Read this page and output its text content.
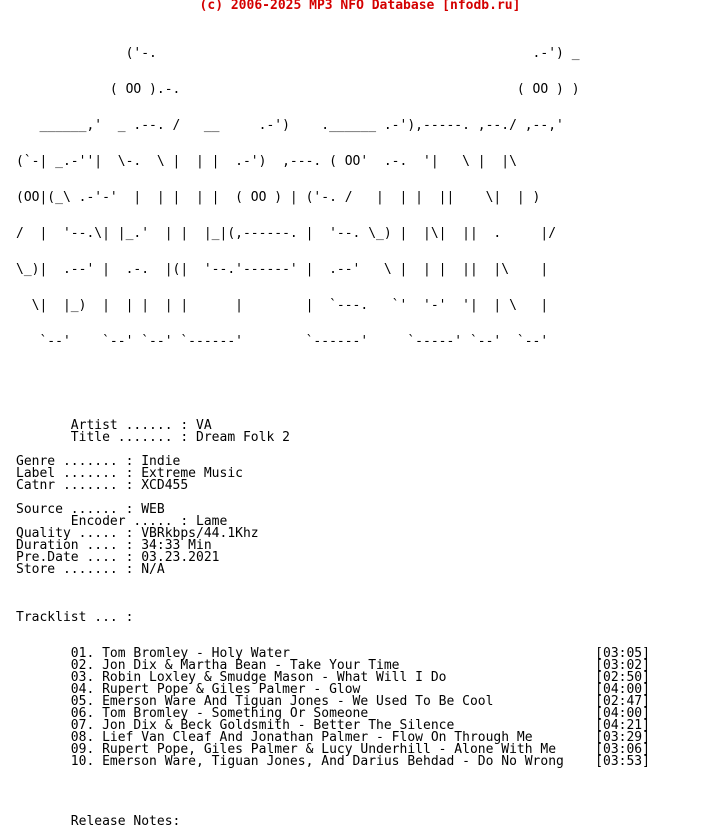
(c) 2006-2025 MP3 NFO Database [nfodb.ru]

('-.                                                .-') _

( OO ).-.                                           ( OO ) )

______,'  _ .--. /   __     .-')    .______ .-'),-----. ,--./ ,--,'

(`-| _.-''|  \-.  \ |  | |  .-')  ,---. ( OO'  .-.  '|   \ |  |\

(OO|(_\ .-'-'  |  | |  | |  ( OO ) | ('-. /   |  | |  ||    \|  | )

/  |  '--.\| |_.'  | |  |_|(,------. |  '--. \_) |  |\|  ||  .     |/

\_)|  .--' |  .-.  |(|  '--.'------' |  .--'   \ |  | |  ||  |\    |

\|  |_)  |  | |  | |      |        |  `---.   `'  '-'  '|  | \   |

`--'    `--' `--' `------'        `------'     `-----' `--'  `--'

Artist ...... : VA
Title ....... : Dream Folk 2
Genre ....... : Indie
Label ....... : Extreme Music
Catnr ....... : XCD455
Source ...... : WEB
Encoder ..... : Lame
Quality ..... : VBRkbps/44.1Khz
Duration .... : 34:33 Min
Pre.Date .... : 03.23.2021
Store ....... : N/A
Tracklist ... :
01. Tom Bromley - Holy Water                                       [03:05]
02. Jon Dix & Martha Bean - Take Your Time                         [03:02]
03. Robin Loxley & Smudge Mason - What Will I Do                   [02:50]
04. Rupert Pope & Giles Palmer - Glow                              [04:00]
05. Emerson Ware And Tiguan Jones - We Used To Be Cool             [02:47]
06. Tom Bromley - Something Or Someone                             [04:00]
07. Jon Dix & Beck Goldsmith - Better The Silence                  [04:21]
08. Lief Van Cleaf And Jonathan Palmer - Flow On Through Me        [03:29]
09. Rupert Pope, Giles Palmer & Lucy Underhill - Alone With Me     [03:06]
10. Emerson Ware, Tiguan Jones, And Darius Behdad - Do No Wrong    [03:53]
Release Notes:
